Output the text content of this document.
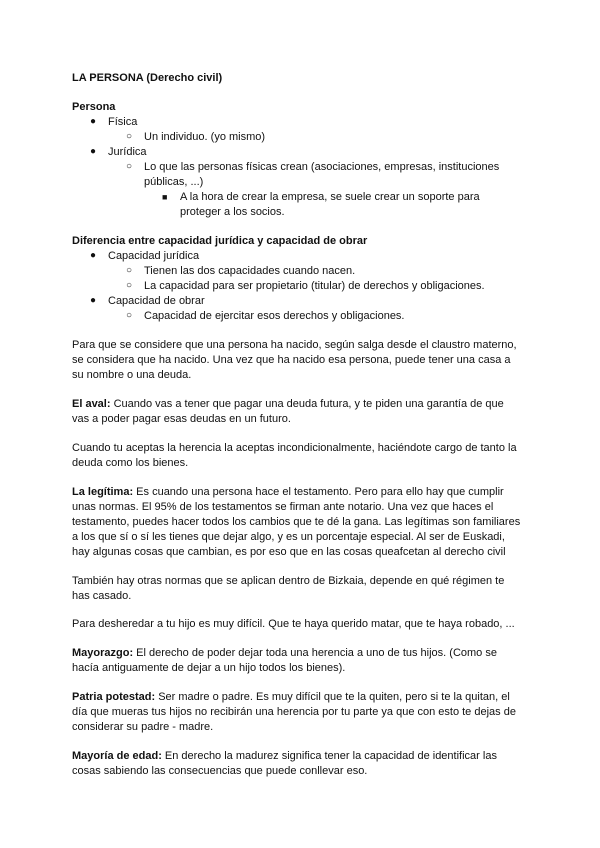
LA PERSONA (Derecho civil)
Persona
● Física
○ Un individuo. (yo mismo)
● Jurídica
○ Lo que las personas físicas crean (asociaciones, empresas, instituciones
públicas, ...)
■ A la hora de crear la empresa, se suele crear un soporte para
proteger a los socios.
Diferencia entre capacidad jurídica y capacidad de obrar
● Capacidad jurídica
○ Tienen las dos capacidades cuando nacen.
○ La capacidad para ser propietario (titular) de derechos y obligaciones.
● Capacidad de obrar
○ Capacidad de ejercitar esos derechos y obligaciones.
Para que se considere que una persona ha nacido, según salga desde el claustro materno,
se considera que ha nacido. Una vez que ha nacido esa persona, puede tener una casa a
su nombre o una deuda.
El aval: Cuando vas a tener que pagar una deuda futura, y te piden una garantía de que
vas a poder pagar esas deudas en un futuro.
Cuando tu aceptas la herencia la aceptas incondicionalmente, haciéndote cargo de tanto la
deuda como los bienes.
La legítima: Es cuando una persona hace el testamento. Pero para ello hay que cumplir
unas normas. El 95% de los testamentos se firman ante notario. Una vez que haces el
testamento, puedes hacer todos los cambios que te dé la gana. Las legítimas son familiares
a los que sí o sí les tienes que dejar algo, y es un porcentaje especial. Al ser de Euskadi,
hay algunas cosas que cambian, es por eso que en las cosas queafcetan al derecho civil
También hay otras normas que se aplican dentro de Bizkaia, depende en qué régimen te
has casado.
Para desheredar a tu hijo es muy difícil. Que te haya querido matar, que te haya robado, ...
Mayorazgo: El derecho de poder dejar toda una herencia a uno de tus hijos. (Como se
hacía antiguamente de dejar a un hijo todos los bienes).
Patria potestad: Ser madre o padre. Es muy difícil que te la quiten, pero si te la quitan, el
día que mueras tus hijos no recibirán una herencia por tu parte ya que con esto te dejas de
considerar su padre - madre.
Mayoría de edad: En derecho la madurez significa tener la capacidad de identificar las
cosas sabiendo las consecuencias que puede conllevar eso.
